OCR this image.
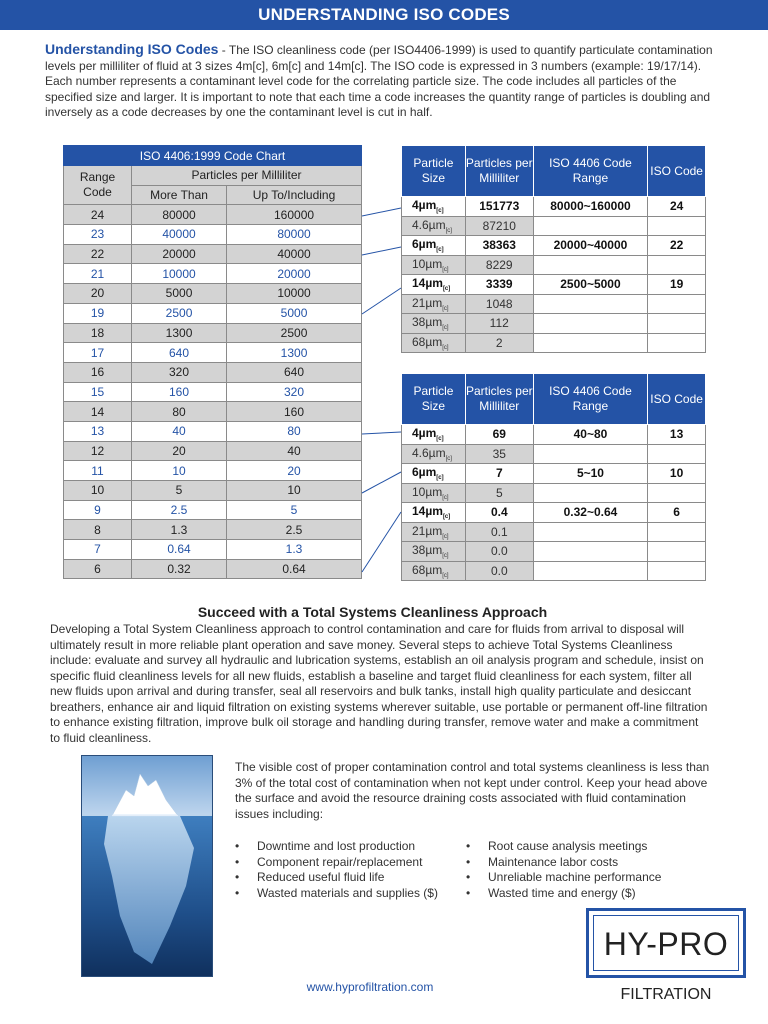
UNDERSTANDING ISO CODES
Understanding ISO Codes - The ISO cleanliness code (per ISO4406-1999) is used to quantify particulate contamination levels per milliliter of fluid at 3 sizes 4m[c], 6m[c] and 14m[c]. The ISO code is expressed in 3 numbers (example: 19/17/14). Each number represents a contaminant level code for the correlating particle size. The code includes all particles of the specified size and larger. It is important to note that each time a code increases the quantity range of particles is doubling and inversely as a code decreases by one the contaminant level is cut in half.
ISO 4406:1999 Code Chart		
Range Code	Particles per Milliliter	
	More Than	Up To/Including
24	80000	160000
23	40000	80000
22	20000	40000
21	10000	20000
20	5000	10000
19	2500	5000
18	1300	2500
17	640	1300
16	320	640
15	160	320
14	80	160
13	40	80
12	20	40
11	10	20
10	5	10
9	2.5	5
8	1.3	2.5
7	0.64	1.3
6	0.32	0.64
Particle Size	Particles per Milliliter	ISO 4406 Code Range	ISO Code
4µm$_{[c]}$	151773	80000~160000	24
4.6µm$_{[c]}$	87210		
6µm$_{[c]}$	38363	20000~40000	22
10µm$_{[c]}$	8229		
14µm$_{[c]}$	3339	2500~5000	19
21µm$_{[c]}$	1048		
38µm$_{[c]}$	112		
68µm$_{[c]}$	2		
Particle Size	Particles per Milliliter	ISO 4406 Code Range	ISO Code
4µm$_{[c]}$	69	40~80	13
4.6µm$_{[c]}$	35		
6µm$_{[c]}$	7	5~10	10
10µm$_{[c]}$	5		
14µm$_{[c]}$	0.4	0.32~0.64	6
21µm$_{[c]}$	0.1		
38µm$_{[c]}$	0.0		
68µm$_{[c]}$	0.0		
Succeed with a Total Systems Cleanliness Approach
Developing a Total System Cleanliness approach to control contamination and care for fluids from arrival to disposal will ultimately result in more reliable plant operation and save money. Several steps to achieve Total Systems Cleanliness include: evaluate and survey all hydraulic and lubrication systems, establish an oil analysis program and schedule, insist on specific fluid cleanliness levels for all new fluids, establish a baseline and target fluid cleanliness for each system, filter all new fluids upon arrival and during transfer, seal all reservoirs and bulk tanks, install high quality particulate and desiccant breathers, enhance air and liquid filtration on existing systems wherever suitable, use portable or permanent off-line filtration to enhance existing filtration, improve bulk oil storage and handling during transfer, remove water and make a commitment to fluid cleanliness.
The visible cost of proper contamination control and total systems cleanliness is less than 3% of the total cost of contamination when not kept under control. Keep your head above the surface and avoid the resource draining costs associated with fluid contamination issues including:
• Downtime and lost production
• Component repair/replacement
• Reduced useful fluid life
• Wasted materials and supplies ($)
• Root cause analysis meetings
• Maintenance labor costs
• Unreliable machine performance
• Wasted time and energy ($)
HY-PRO
FILTRATION
www.hyprofiltration.com
